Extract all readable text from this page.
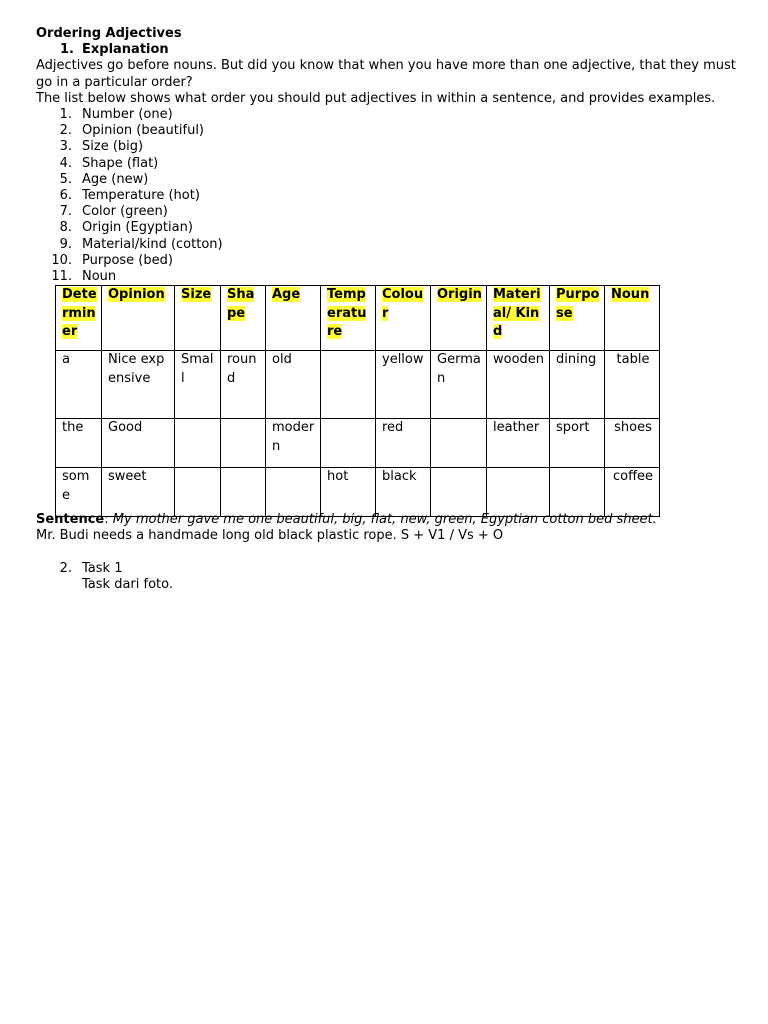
Ordering Adjectives
1. Explanation
Adjectives go before nouns. But did you know that when you have more than one adjective, that they must go in a particular order?
The list below shows what order you should put adjectives in within a sentence, and provides examples.
1. Number (one)
2. Opinion (beautiful)
3. Size (big)
4. Shape (flat)
5. Age (new)
6. Temperature (hot)
7. Color (green)
8. Origin (Egyptian)
9. Material/kind (cotton)
10. Purpose (bed)
11. Noun
Determiner	Opinion	Size	Shape	Age	Temperature	Colour	Origin	Material/ Kind	Purpose	Noun
a	Nice expensive	Small	round	old		yellow	German	wooden	dining	table
the	Good			modern		red		leather	sport	shoes
some	sweet				hot	black				coffee
Sentence: My mother gave me one beautiful, big, flat, new, green, Egyptian cotton bed sheet.
Mr. Budi needs a handmade long old black plastic rope. S + V1 / Vs + O

2. Task 1
Task dari foto.
